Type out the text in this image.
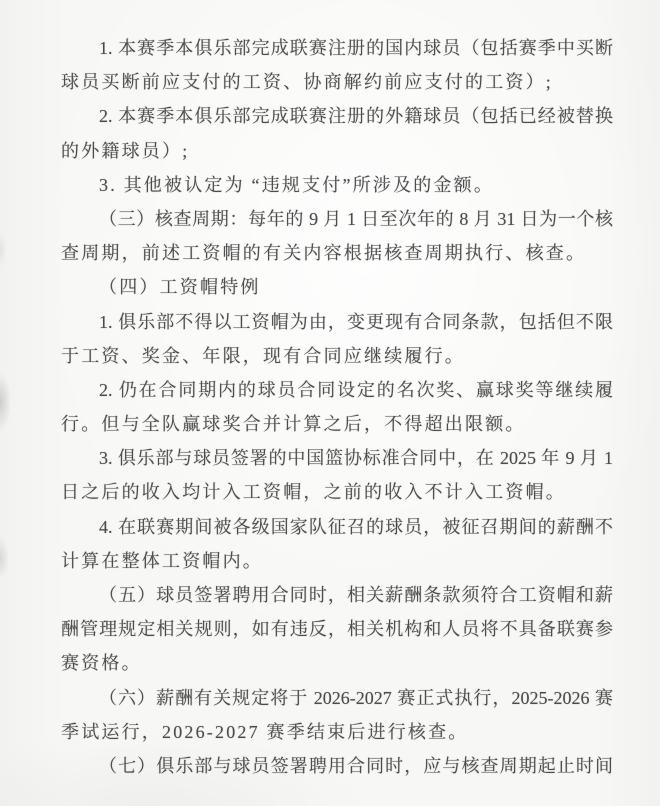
1. 本赛季本俱乐部完成联赛注册的国内球员（包括赛季中买断
球员买断前应支付的工资、协商解约前应支付的工资）;
2. 本赛季本俱乐部完成联赛注册的外籍球员（包括已经被替换
的外籍球员）;
3. 其他被认定为 “违规支付”所涉及的金额。
（三）核查周期：每年的 9 月 1 日至次年的 8 月 31 日为一个核
查周期，前述工资帽的有关内容根据核查周期执行、核查。
（四）工资帽特例
1. 俱乐部不得以工资帽为由，变更现有合同条款，包括但不限
于工资、奖金、年限，现有合同应继续履行。
2. 仍在合同期内的球员合同设定的名次奖、赢球奖等继续履
行。但与全队赢球奖合并计算之后，不得超出限额。
3. 俱乐部与球员签署的中国篮协标准合同中，在 2025 年 9 月 1
日之后的收入均计入工资帽，之前的收入不计入工资帽。
4. 在联赛期间被各级国家队征召的球员，被征召期间的薪酬不
计算在整体工资帽内。
（五）球员签署聘用合同时，相关薪酬条款须符合工资帽和薪
酬管理规定相关规则，如有违反，相关机构和人员将不具备联赛参
赛资格。
（六）薪酬有关规定将于 2026-2027 赛正式执行，2025-2026 赛
季试运行，2026-2027 赛季结束后进行核查。
（七）俱乐部与球员签署聘用合同时，应与核查周期起止时间
